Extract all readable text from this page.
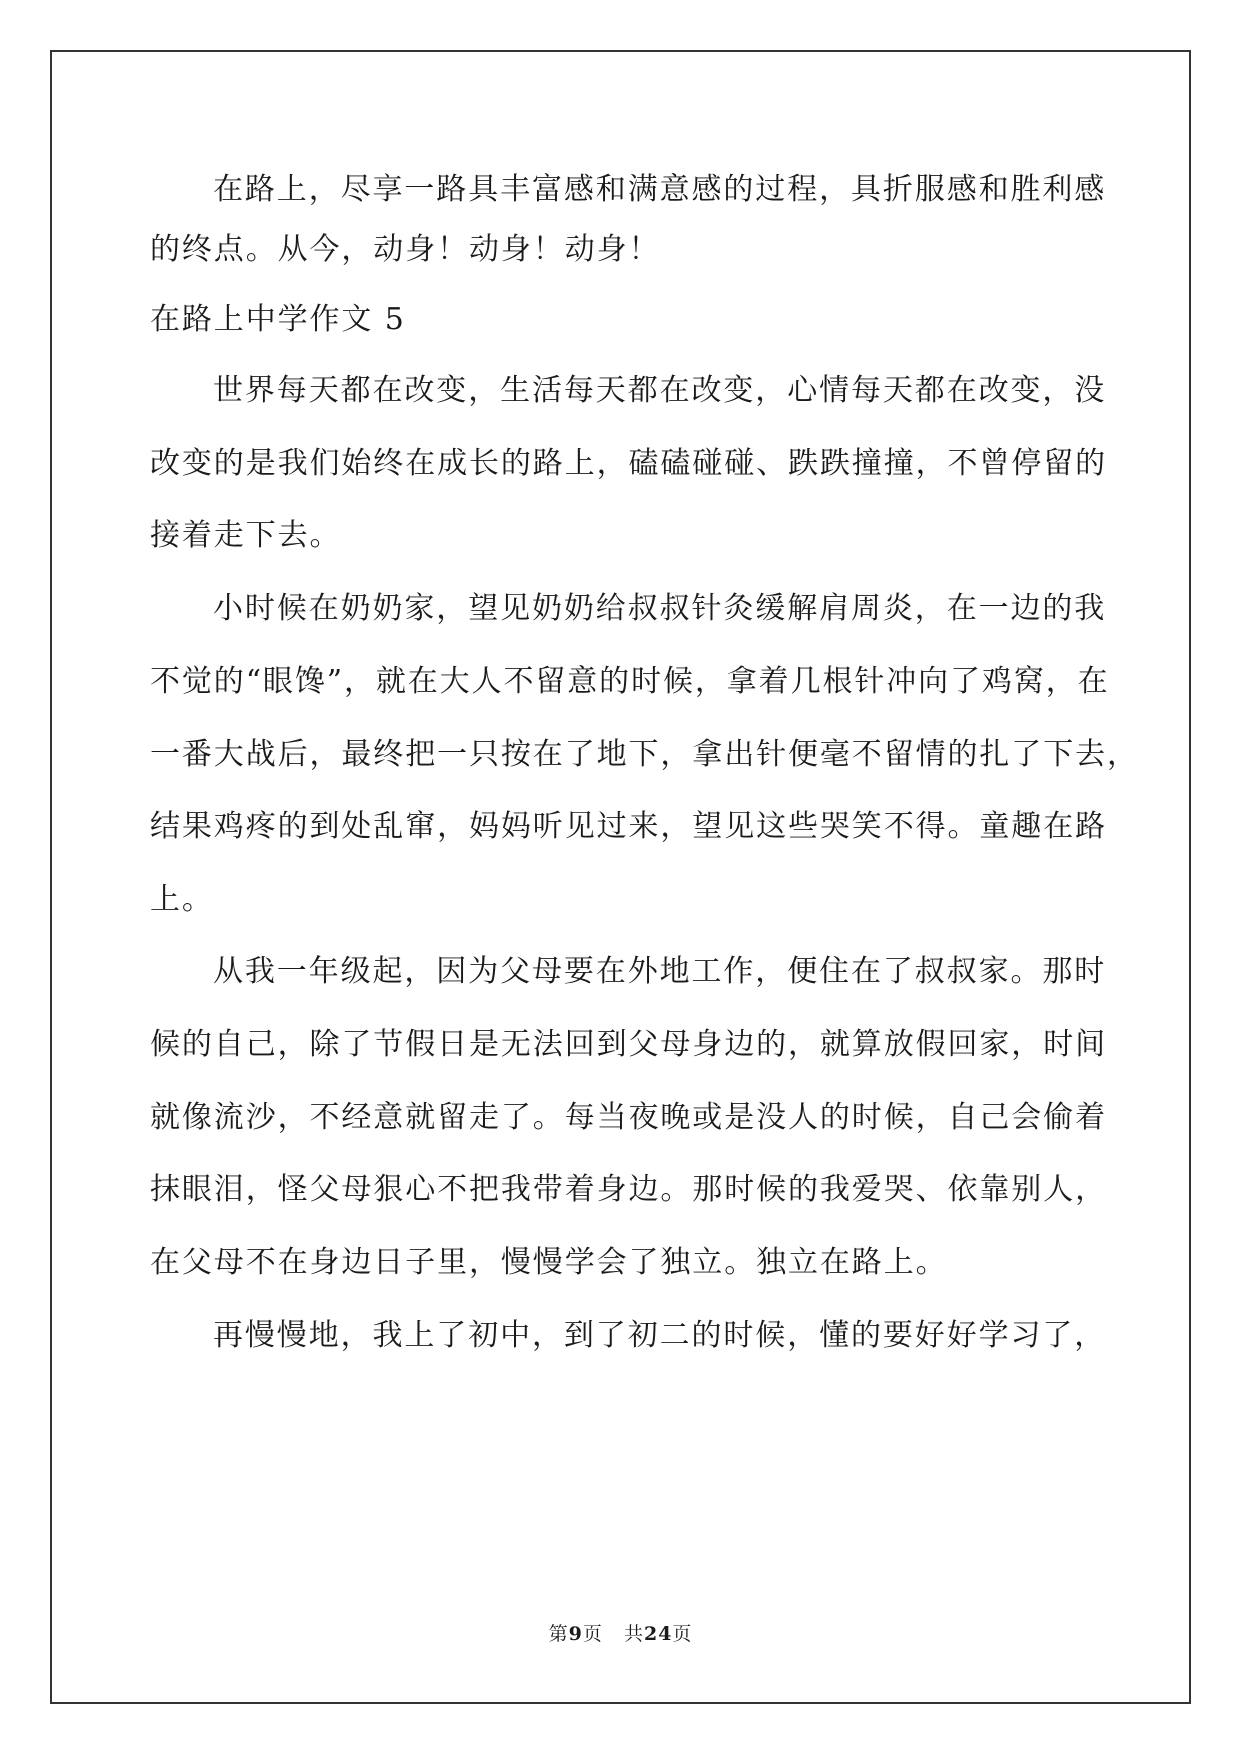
在路上，尽享一路具丰富感和满意感的过程，具折服感和胜利感
的终点。从今，动身！动身！动身！
在路上中学作文 5
世界每天都在改变，生活每天都在改变，心情每天都在改变，没
改变的是我们始终在成长的路上，磕磕碰碰、跌跌撞撞，不曾停留的
接着走下去。
小时候在奶奶家，望见奶奶给叔叔针灸缓解肩周炎，在一边的我
不觉的“眼馋”，就在大人不留意的时候，拿着几根针冲向了鸡窝，在
一番大战后，最终把一只按在了地下，拿出针便毫不留情的扎了下去，
结果鸡疼的到处乱窜，妈妈听见过来，望见这些哭笑不得。童趣在路
上。
从我一年级起，因为父母要在外地工作，便住在了叔叔家。那时
候的自己，除了节假日是无法回到父母身边的，就算放假回家，时间
就像流沙，不经意就留走了。每当夜晚或是没人的时候，自己会偷着
抹眼泪，怪父母狠心不把我带着身边。那时候的我爱哭、依靠别人，
在父母不在身边日子里，慢慢学会了独立。独立在路上。
再慢慢地，我上了初中，到了初二的时候，懂的要好好学习了，
第9页 共24页
